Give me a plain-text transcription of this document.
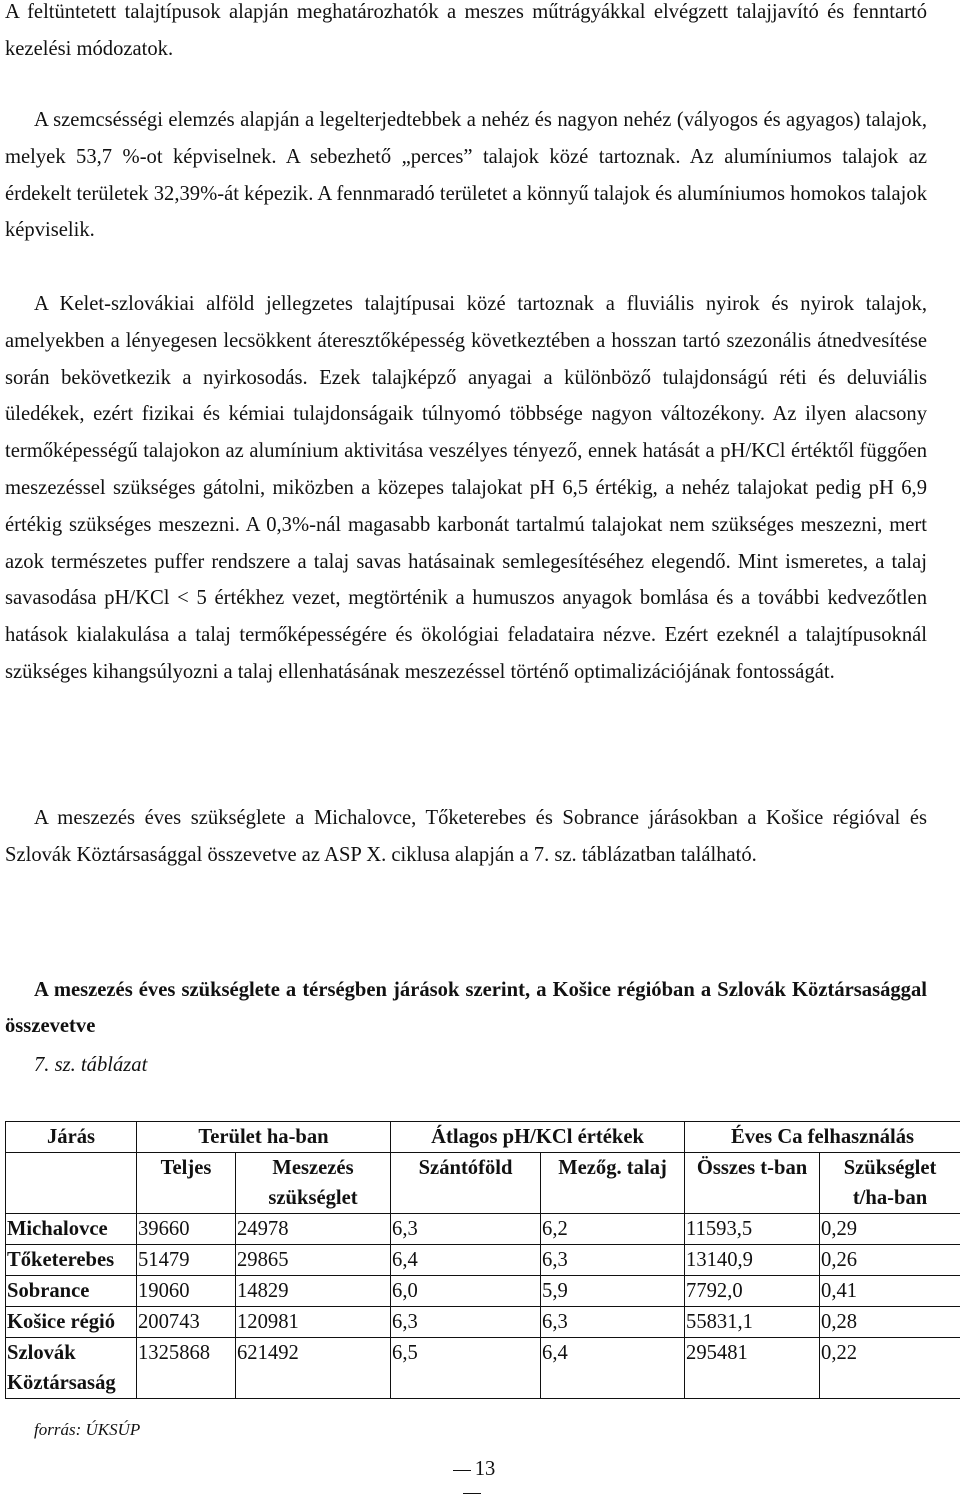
A feltüntetett talajtípusok alapján meghatározhatók a meszes műtrágyákkal elvégzett talajjavító és fenntartó kezelési módozatok.

A szemcsésségi elemzés alapján a legelterjedtebbek a nehéz és nagyon nehéz (vályogos és agyagos) talajok, melyek 53,7 %-ot képviselnek. A sebezhető „perces” talajok közé tartoznak. Az alumíniumos talajok az érdekelt területek 32,39%-át képezik. A fennmaradó területet a könnyű talajok és alumíniumos homokos talajok képviselik.

A Kelet-szlovákiai alföld jellegzetes talajtípusai közé tartoznak a fluviális nyirok és nyirok talajok, amelyekben a lényegesen lecsökkent áteresztőképesség következtében a hosszan tartó szezonális átnedvesítése során bekövetkezik a nyirkosodás. Ezek talajképző anyagai a különböző tulajdonságú réti és deluviális üledékek, ezért fizikai és kémiai tulajdonságaik túlnyomó többsége nagyon változékony. Az ilyen alacsony termőképességű talajokon az alumínium aktivitása veszélyes tényező, ennek hatását a pH/KCl értéktől függően meszezéssel szükséges gátolni, miközben a közepes talajokat pH 6,5 értékig, a nehéz talajokat pedig pH 6,9 értékig szükséges meszezni. A 0,3%-nál magasabb karbonát tartalmú talajokat nem szükséges meszezni, mert azok természetes puffer rendszere a talaj savas hatásainak semlegesítéséhez elegendő. Mint ismeretes, a talaj savasodása pH/KCl < 5 értékhez vezet, megtörténik a humuszos anyagok bomlása és a további kedvezőtlen hatások kialakulása a talaj termőképességére és ökológiai feladataira nézve. Ezért ezeknél a talajtípusoknál szükséges kihangsúlyozni a talaj ellenhatásának meszezéssel történő optimalizációjának fontosságát.

A meszezés éves szükséglete a Michalovce, Tőketerebes és Sobrance járásokban a Košice régióval és Szlovák Köztársasággal összevetve az ASP X. ciklusa alapján a 7. sz. táblázatban található.

A meszezés éves szükséglete a térségben járások szerint, a Košice régióban a Szlovák Köztársasággal összevetve

7. sz. táblázat

Járás	Terület ha-ban		Átlagos pH/KCl értékek		Éves Ca felhasználás	
	Teljes	Meszezés szükséglet	Szántóföld	Mezőg. talaj	Összes t-ban	Szükséglet t/ha-ban
Michalovce	39660	24978	6,3	6,2	11593,5	0,29
Tőketerebes	51479	29865	6,4	6,3	13140,9	0,26
Sobrance	19060	14829	6,0	5,9	7792,0	0,41
Košice régió	200743	120981	6,3	6,3	55831,1	0,28
Szlovák Köztársaság	1325868	621492	6,5	6,4	295481	0,22

forrás: ÚKSÚP

13
